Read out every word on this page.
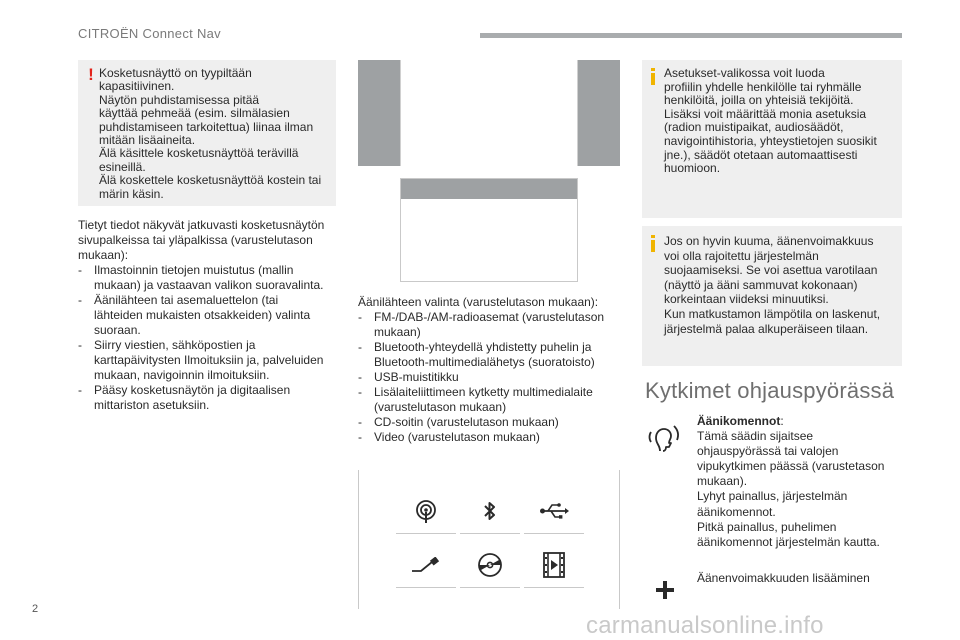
CITROËN Connect Nav
! Kosketusnäyttö on tyypiltään
kapasitiivinen.
Näytön puhdistamisessa pitää
käyttää pehmeää (esim. silmälasien
puhdistamiseen tarkoitettua) liinaa ilman
mitään lisäaineita.
Älä käsittele kosketusnäyttöä terävillä
esineillä.
Älä koskettele kosketusnäyttöä kostein tai
märin käsin.
Tietyt tiedot näkyvät jatkuvasti kosketusnäytön
sivupalkeissa tai yläpalkissa (varustelutason
mukaan):
- Ilmastoinnin tietojen muistutus (mallin
mukaan) ja vastaavan valikon suoravalinta.
- Äänilähteen tai asemaluettelon (tai
lähteiden mukaisten otsakkeiden) valinta
suoraan.
- Siirry viestien, sähköpostien ja
karttapäivitysten Ilmoituksiin ja, palveluiden
mukaan, navigoinnin ilmoituksiin.
- Pääsy kosketusnäytön ja digitaalisen
mittariston asetuksiin.
Äänilähteen valinta (varustelutason mukaan):
- FM-/DAB-/AM-radioasemat (varustelutason
mukaan)
- Bluetooth-yhteydellä yhdistetty puhelin ja
Bluetooth-multimedialähetys (suoratoisto)
- USB-muistitikku
- Lisälaiteliittimeen kytketty multimedialaite
(varustelutason mukaan)
- CD-soitin (varustelutason mukaan)
- Video (varustelutason mukaan)
Asetukset-valikossa voit luoda
profiilin yhdelle henkilölle tai ryhmälle
henkilöitä, joilla on yhteisiä tekijöitä.
Lisäksi voit määrittää monia asetuksia
(radion muistipaikat, audiosäädöt,
navigointihistoria, yhteystietojen suosikit
jne.), säädöt otetaan automaattisesti
huomioon.
Jos on hyvin kuuma, äänenvoimakkuus
voi olla rajoitettu järjestelmän
suojaamiseksi. Se voi asettua varotilaan
(näyttö ja ääni sammuvat kokonaan)
korkeintaan viideksi minuutiksi.
Kun matkustamon lämpötila on laskenut,
järjestelmä palaa alkuperäiseen tilaan.
Kytkimet ohjauspyörässä
Äänikomennot:
Tämä säädin sijaitsee
ohjauspyörässä tai valojen
vipukytkimen päässä (varustetason
mukaan).
Lyhyt painallus, järjestelmän
äänikomennot.
Pitkä painallus, puhelimen
äänikomennot järjestelmän kautta.
Äänenvoimakkuuden lisääminen
2
carmanualsonline.info
